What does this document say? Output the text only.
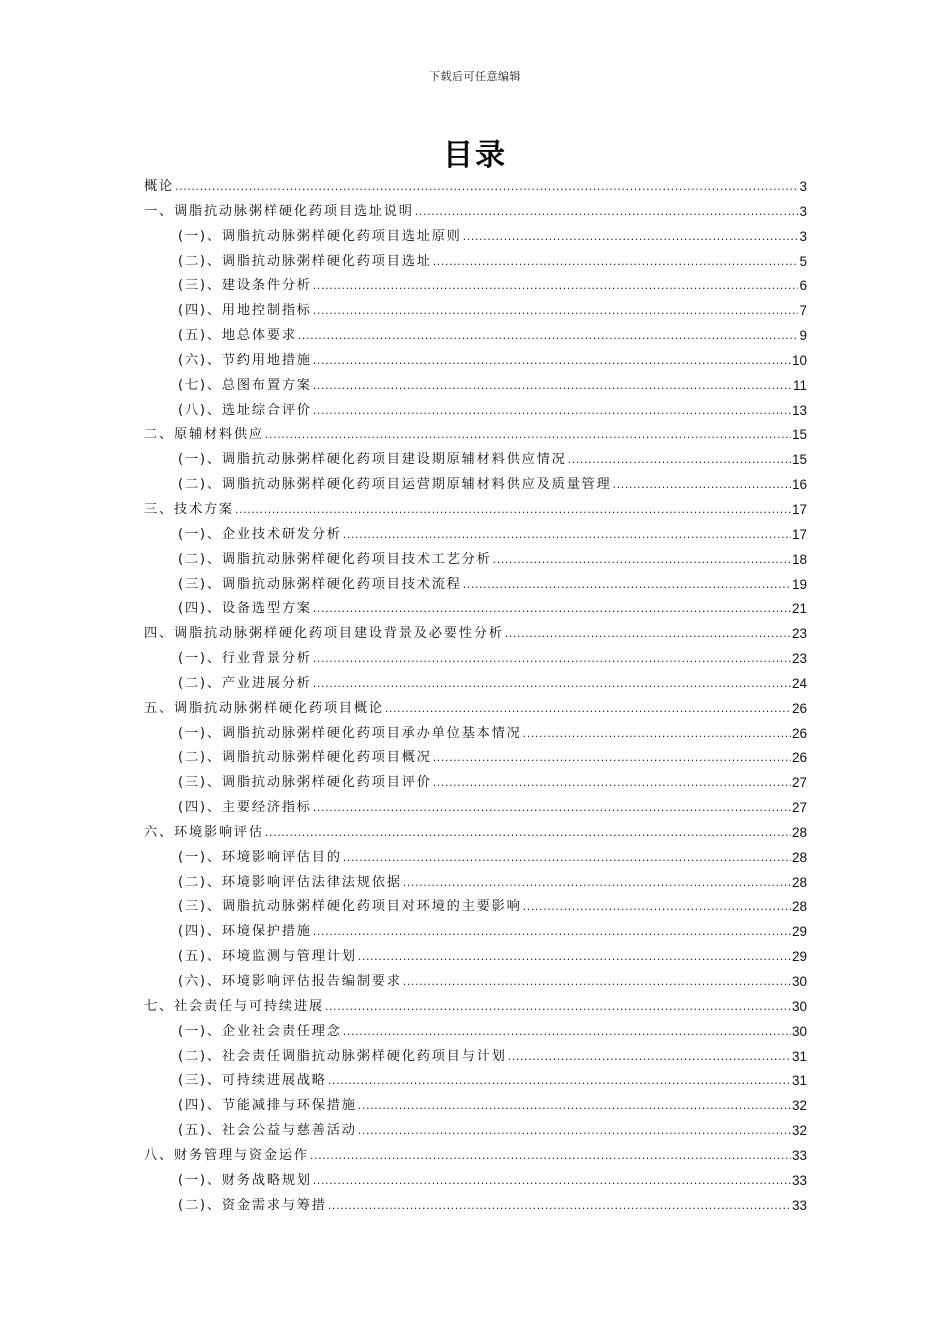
下载后可任意编辑
目录
概论 .....	3
一、调脂抗动脉粥样硬化药项目选址说明 .....	3
(一)、调脂抗动脉粥样硬化药项目选址原则 .....	3
(二)、调脂抗动脉粥样硬化药项目选址 .....	5
(三)、建设条件分析 .....	6
(四)、用地控制指标 .....	7
(五)、地总体要求 .....	9
(六)、节约用地措施 .....	10
(七)、总图布置方案 .....	11
(八)、选址综合评价 .....	13
二、原辅材料供应 .....	15
(一)、调脂抗动脉粥样硬化药项目建设期原辅材料供应情况 .....	15
(二)、调脂抗动脉粥样硬化药项目运营期原辅材料供应及质量管理 .....	16
三、技术方案 .....	17
(一)、企业技术研发分析 .....	17
(二)、调脂抗动脉粥样硬化药项目技术工艺分析 .....	18
(三)、调脂抗动脉粥样硬化药项目技术流程 .....	19
(四)、设备选型方案 .....	21
四、调脂抗动脉粥样硬化药项目建设背景及必要性分析 .....	23
(一)、行业背景分析 .....	23
(二)、产业进展分析 .....	24
五、调脂抗动脉粥样硬化药项目概论 .....	26
(一)、调脂抗动脉粥样硬化药项目承办单位基本情况 .....	26
(二)、调脂抗动脉粥样硬化药项目概况 .....	26
(三)、调脂抗动脉粥样硬化药项目评价 .....	27
(四)、主要经济指标 .....	27
六、环境影响评估 .....	28
(一)、环境影响评估目的 .....	28
(二)、环境影响评估法律法规依据 .....	28
(三)、调脂抗动脉粥样硬化药项目对环境的主要影响 .....	28
(四)、环境保护措施 .....	29
(五)、环境监测与管理计划 .....	29
(六)、环境影响评估报告编制要求 .....	30
七、社会责任与可持续进展 .....	30
(一)、企业社会责任理念 .....	30
(二)、社会责任调脂抗动脉粥样硬化药项目与计划 .....	31
(三)、可持续进展战略 .....	31
(四)、节能减排与环保措施 .....	32
(五)、社会公益与慈善活动 .....	32
八、财务管理与资金运作 .....	33
(一)、财务战略规划 .....	33
(二)、资金需求与筹措 .....	33
